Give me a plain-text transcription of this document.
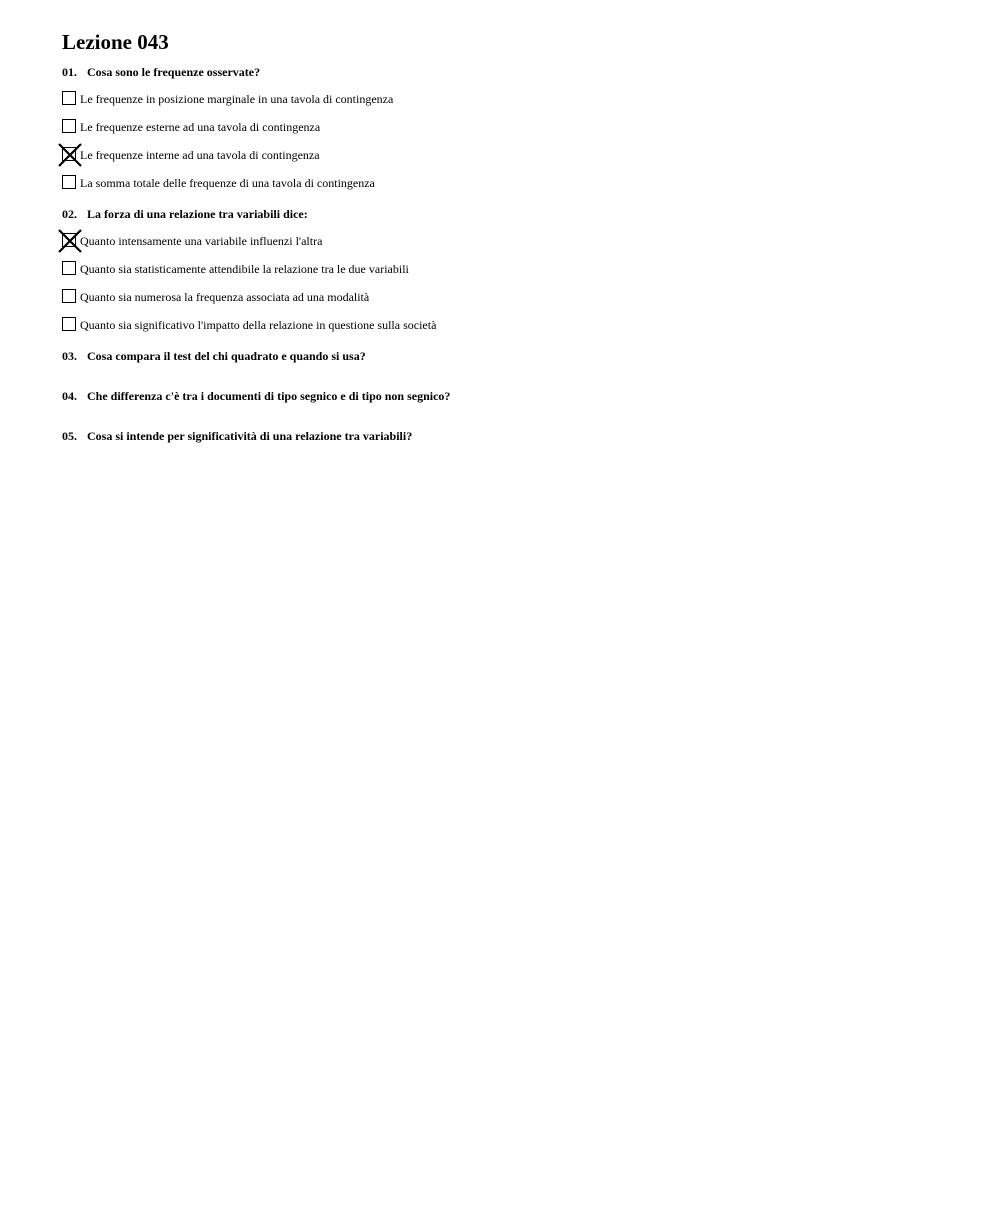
Lezione 043
01. Cosa sono le frequenze osservate?
Le frequenze in posizione marginale in una tavola di contingenza
Le frequenze esterne ad una tavola di contingenza
Le frequenze interne ad una tavola di contingenza
La somma totale delle frequenze di una tavola di contingenza
02. La forza di una relazione tra variabili dice:
Quanto intensamente una variabile influenzi l'altra
Quanto sia statisticamente attendibile la relazione tra le due variabili
Quanto sia numerosa la frequenza associata ad una modalità
Quanto sia significativo l'impatto della relazione in questione sulla società
03. Cosa compara il test del chi quadrato e quando si usa?
04. Che differenza c'è tra i documenti di tipo segnico e di tipo non segnico?
05. Cosa si intende per significatività di una relazione tra variabili?
